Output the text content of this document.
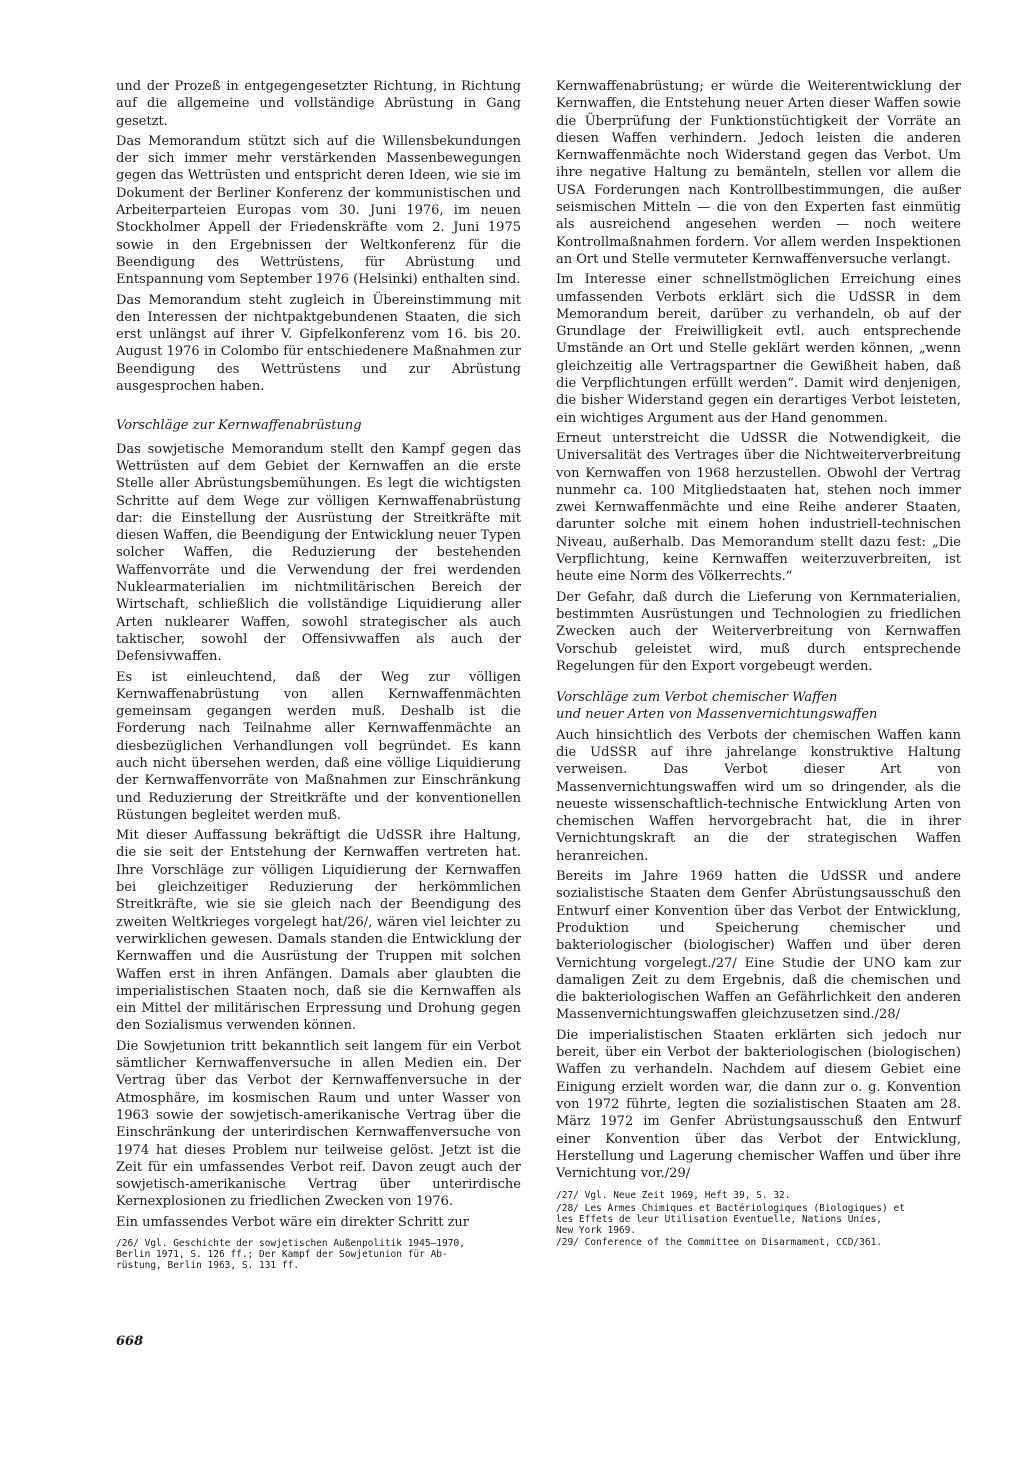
und der Prozeß in entgegengesetzter Richtung, in Richtung auf die allgemeine und vollständige Abrüstung in Gang gesetzt.

Das Memorandum stützt sich auf die Willensbekundungen der sich immer mehr verstärkenden Massenbewegungen gegen das Wettrüsten und entspricht deren Ideen, wie sie im Dokument der Berliner Konferenz der kommunistischen und Arbeiterparteien Europas vom 30. Juni 1976, im neuen Stockholmer Appell der Friedenskräfte vom 2. Juni 1975 sowie in den Ergebnissen der Weltkonferenz für die Beendigung des Wettrüstens, für Abrüstung und Entspannung vom September 1976 (Helsinki) enthalten sind.

Das Memorandum steht zugleich in Übereinstimmung mit den Interessen der nichtpaktgebundenen Staaten, die sich erst unlängst auf ihrer V. Gipfelkonferenz vom 16. bis 20. August 1976 in Colombo für entschiedenere Maßnahmen zur Beendigung des Wettrüstens und zur Abrüstung ausgesprochen haben.

Vorschläge zur Kernwaffenabrüstung

Das sowjetische Memorandum stellt den Kampf gegen das Wettrüsten auf dem Gebiet der Kernwaffen an die erste Stelle aller Abrüstungsbemühungen. Es legt die wichtigsten Schritte auf dem Wege zur völligen Kernwaffenabrüstung dar: die Einstellung der Ausrüstung der Streitkräfte mit diesen Waffen, die Beendigung der Entwicklung neuer Typen solcher Waffen, die Reduzierung der bestehenden Waffenvorräte und die Verwendung der frei werdenden Nuklearmaterialien im nichtmilitärischen Bereich der Wirtschaft, schließlich die vollständige Liquidierung aller Arten nuklearer Waffen, sowohl strategischer als auch taktischer, sowohl der Offensivwaffen als auch der Defensivwaffen.

Es ist einleuchtend, daß der Weg zur völligen Kernwaffenabrüstung von allen Kernwaffenmächten gemeinsam gegangen werden muß. Deshalb ist die Forderung nach Teilnahme aller Kernwaffenmächte an diesbezüglichen Verhandlungen voll begründet. Es kann auch nicht übersehen werden, daß eine völlige Liquidierung der Kernwaffenvorräte von Maßnahmen zur Einschränkung und Reduzierung der Streitkräfte und der konventionellen Rüstungen begleitet werden muß.

Mit dieser Auffassung bekräftigt die UdSSR ihre Haltung, die sie seit der Entstehung der Kernwaffen vertreten hat. Ihre Vorschläge zur völligen Liquidierung der Kernwaffen bei gleichzeitiger Reduzierung der herkömmlichen Streitkräfte, wie sie sie gleich nach der Beendigung des zweiten Weltkrieges vorgelegt hat/26/, wären viel leichter zu verwirklichen gewesen. Damals standen die Entwicklung der Kernwaffen und die Ausrüstung der Truppen mit solchen Waffen erst in ihren Anfängen. Damals aber glaubten die imperialistischen Staaten noch, daß sie die Kernwaffen als ein Mittel der militärischen Erpressung und Drohung gegen den Sozialismus verwenden können.

Die Sowjetunion tritt bekanntlich seit langem für ein Verbot sämtlicher Kernwaffenversuche in allen Medien ein. Der Vertrag über das Verbot der Kernwaffenversuche in der Atmosphäre, im kosmischen Raum und unter Wasser von 1963 sowie der sowjetisch-amerikanische Vertrag über die Einschränkung der unterirdischen Kernwaffenversuche von 1974 hat dieses Problem nur teilweise gelöst. Jetzt ist die Zeit für ein umfassendes Verbot reif. Davon zeugt auch der sowjetisch-amerikanische Vertrag über unterirdische Kernexplosionen zu friedlichen Zwecken von 1976.

Ein umfassendes Verbot wäre ein direkter Schritt zur

/26/ Vgl. Geschichte der sowjetischen Außenpolitik 1945–1970,
Berlin 1971, S. 126 ff.; Der Kampf der Sowjetunion für Ab-
rüstung, Berlin 1963, S. 131 ff.

Kernwaffenabrüstung; er würde die Weiterentwicklung der Kernwaffen, die Entstehung neuer Arten dieser Waffen sowie die Überprüfung der Funktionstüchtigkeit der Vorräte an diesen Waffen verhindern. Jedoch leisten die anderen Kernwaffenmächte noch Widerstand gegen das Verbot. Um ihre negative Haltung zu bemänteln, stellen vor allem die USA Forderungen nach Kontrollbestimmungen, die außer seismischen Mitteln — die von den Experten fast einmütig als ausreichend angesehen werden — noch weitere Kontrollmaßnahmen fordern. Vor allem werden Inspektionen an Ort und Stelle vermuteter Kernwaffenversuche verlangt.

Im Interesse einer schnellstmöglichen Erreichung eines umfassenden Verbots erklärt sich die UdSSR in dem Memorandum bereit, darüber zu verhandeln, ob auf der Grundlage der Freiwilligkeit evtl. auch entsprechende Umstände an Ort und Stelle geklärt werden können, „wenn gleichzeitig alle Vertragspartner die Gewißheit haben, daß die Verpflichtungen erfüllt werden“. Damit wird denjenigen, die bisher Widerstand gegen ein derartiges Verbot leisteten, ein wichtiges Argument aus der Hand genommen.

Erneut unterstreicht die UdSSR die Notwendigkeit, die Universalität des Vertrages über die Nichtweiterverbreitung von Kernwaffen von 1968 herzustellen. Obwohl der Vertrag nunmehr ca. 100 Mitgliedstaaten hat, stehen noch immer zwei Kernwaffenmächte und eine Reihe anderer Staaten, darunter solche mit einem hohen industriell-technischen Niveau, außerhalb. Das Memorandum stellt dazu fest: „Die Verpflichtung, keine Kernwaffen weiterzuverbreiten, ist heute eine Norm des Völkerrechts.“

Der Gefahr, daß durch die Lieferung von Kernmaterialien, bestimmten Ausrüstungen und Technologien zu friedlichen Zwecken auch der Weiterverbreitung von Kernwaffen Vorschub geleistet wird, muß durch entsprechende Regelungen für den Export vorgebeugt werden.

Vorschläge zum Verbot chemischer Waffen
und neuer Arten von Massenvernichtungswaffen

Auch hinsichtlich des Verbots der chemischen Waffen kann die UdSSR auf ihre jahrelange konstruktive Haltung verweisen. Das Verbot dieser Art von Massenvernichtungswaffen wird um so dringender, als die neueste wissenschaftlich-technische Entwicklung Arten von chemischen Waffen hervorgebracht hat, die in ihrer Vernichtungskraft an die der strategischen Waffen heranreichen.

Bereits im Jahre 1969 hatten die UdSSR und andere sozialistische Staaten dem Genfer Abrüstungsausschuß den Entwurf einer Konvention über das Verbot der Entwicklung, Produktion und Speicherung chemischer und bakteriologischer (biologischer) Waffen und über deren Vernichtung vorgelegt./27/ Eine Studie der UNO kam zur damaligen Zeit zu dem Ergebnis, daß die chemischen und die bakteriologischen Waffen an Gefährlichkeit den anderen Massenvernichtungswaffen gleichzusetzen sind./28/

Die imperialistischen Staaten erklärten sich jedoch nur bereit, über ein Verbot der bakteriologischen (biologischen) Waffen zu verhandeln. Nachdem auf diesem Gebiet eine Einigung erzielt worden war, die dann zur o. g. Konvention von 1972 führte, legten die sozialistischen Staaten am 28. März 1972 im Genfer Abrüstungsausschuß den Entwurf einer Konvention über das Verbot der Entwicklung, Herstellung und Lagerung chemischer Waffen und über ihre Vernichtung vor./29/

/27/ Vgl. Neue Zeit 1969, Heft 39, S. 32.

/28/ Les Armes Chimiques et Bactériologiques (Biologiques) et
les Effets de leur Utilisation Eventuelle, Nations Unies,
New York 1969.

/29/ Conference of the Committee on Disarmament, CCD/361.

668
